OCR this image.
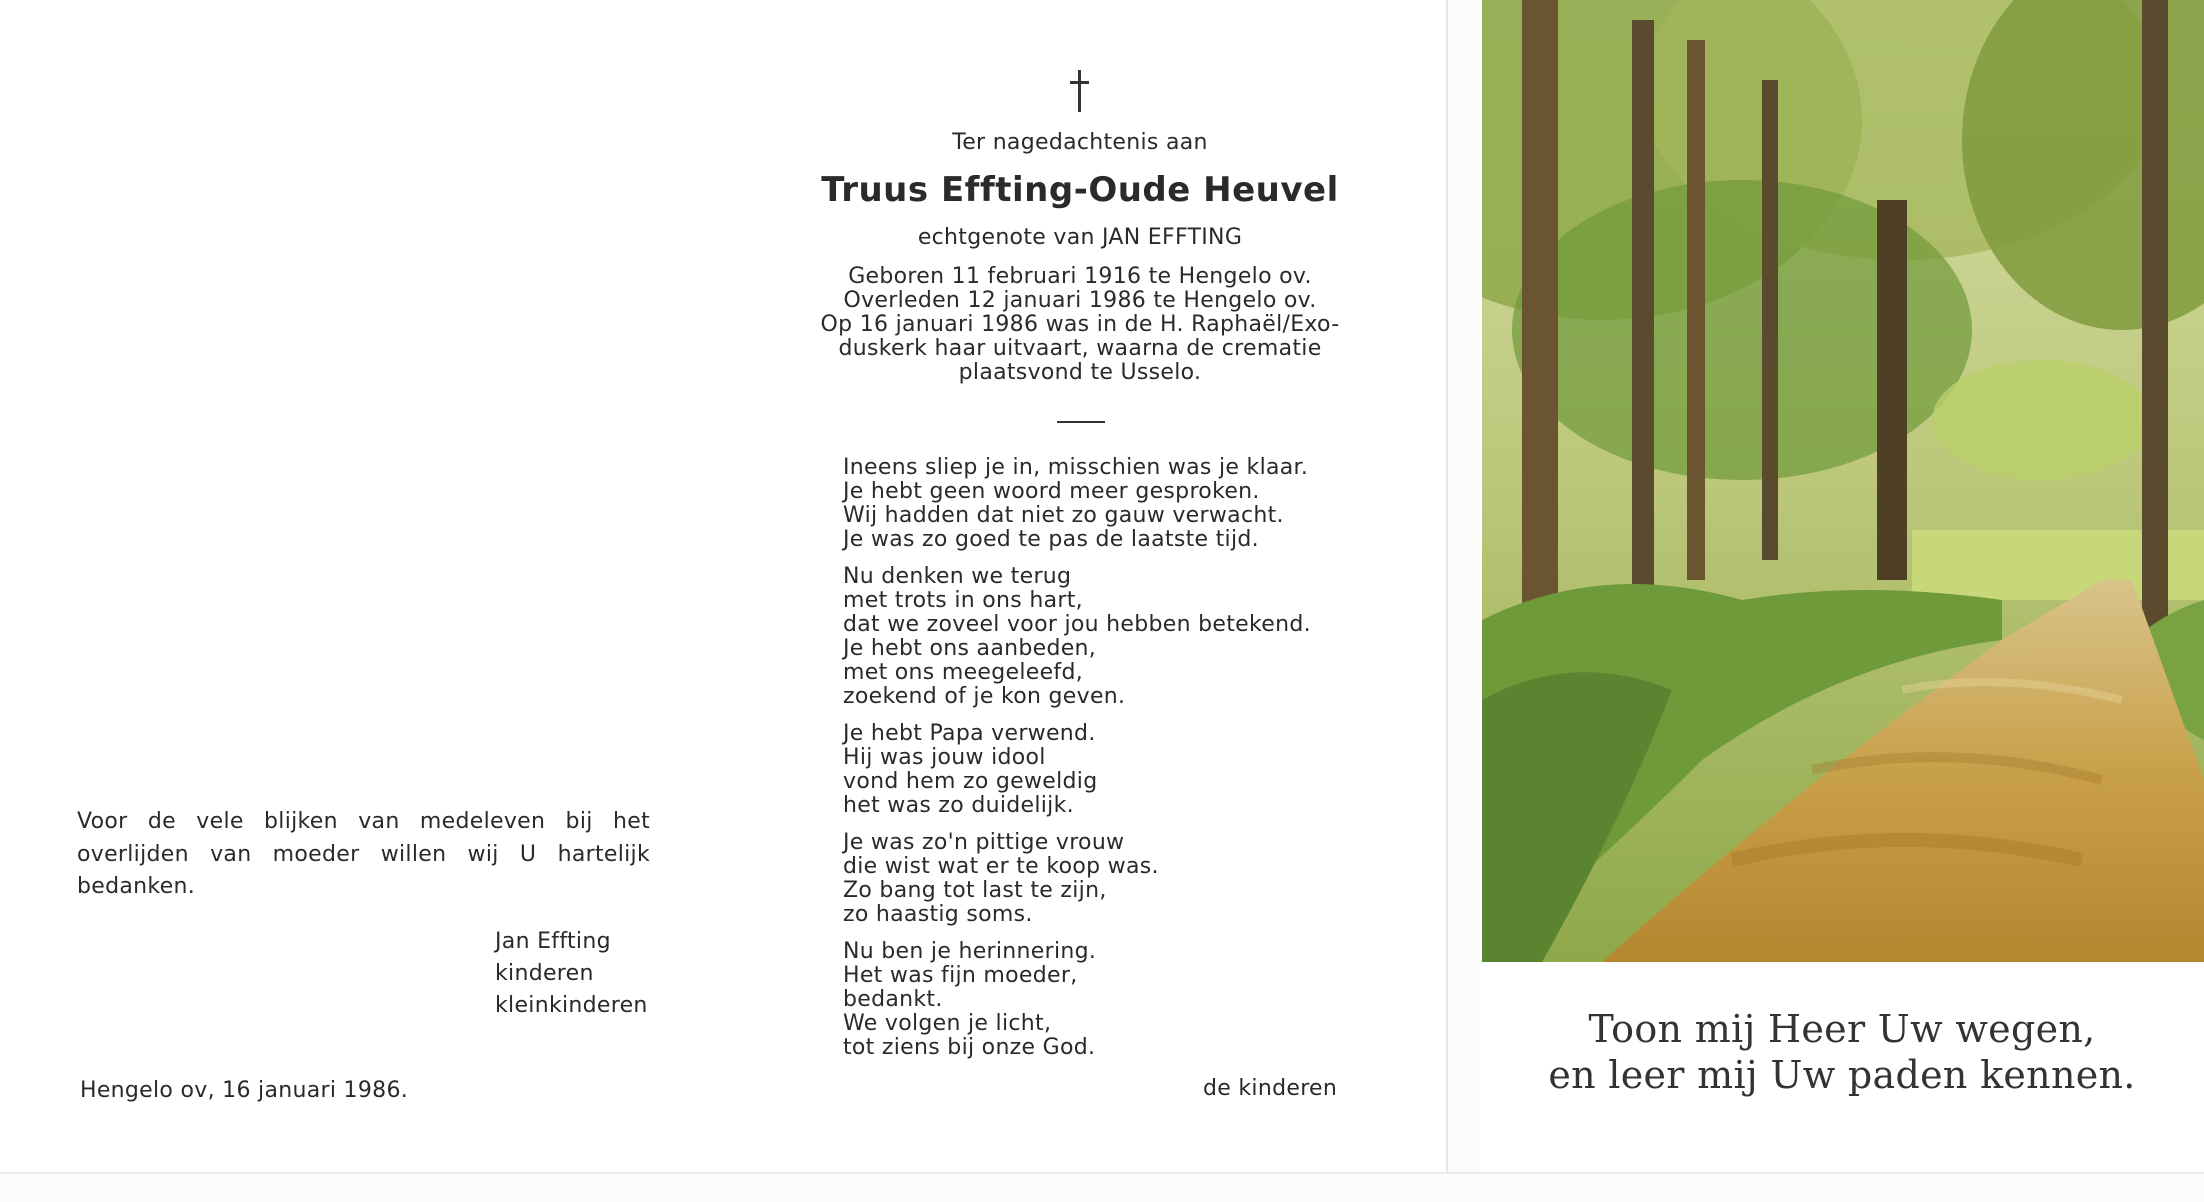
Voor de vele blijken van medeleven bij het
overlijden van moeder willen wij U hartelijk
bedanken.
Jan Effting
kinderen
kleinkinderen
Hengelo ov, 16 januari 1986.
Ter nagedachtenis aan
Truus Effting-Oude Heuvel
echtgenote van JAN EFFTING
Geboren 11 februari 1916 te Hengelo ov.
Overleden 12 januari 1986 te Hengelo ov.
Op 16 januari 1986 was in de H. Raphaël/Exo-
duskerk haar uitvaart, waarna de crematie
plaatsvond te Usselo.
Ineens sliep je in, misschien was je klaar.
Je hebt geen woord meer gesproken.
Wij hadden dat niet zo gauw verwacht.
Je was zo goed te pas de laatste tijd.
Nu denken we terug
met trots in ons hart,
dat we zoveel voor jou hebben betekend.
Je hebt ons aanbeden,
met ons meegeleefd,
zoekend of je kon geven.
Je hebt Papa verwend.
Hij was jouw idool
vond hem zo geweldig
het was zo duidelijk.
Je was zo'n pittige vrouw
die wist wat er te koop was.
Zo bang tot last te zijn,
zo haastig soms.
Nu ben je herinnering.
Het was fijn moeder,
bedankt.
We volgen je licht,
tot ziens bij onze God.
de kinderen
Toon mij Heer Uw wegen,
en leer mij Uw paden kennen.
